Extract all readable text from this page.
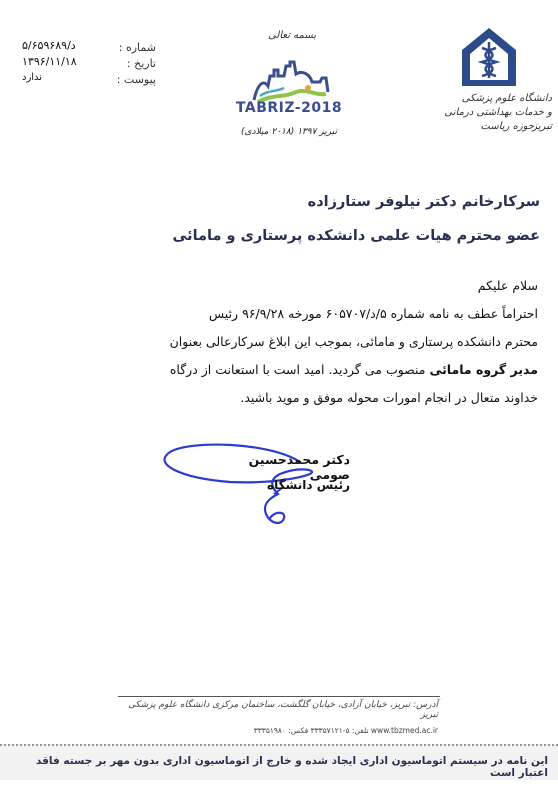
۵/د/۶۵۹۶۸۹
۱۳۹۶/۱۱/۱۸
ندارد
شماره :
تاریخ :
پیوست :
بسمه تعالی
TABRIZ-2018
تبریز ۱۳۹۷ (۲۰۱۸ میلادی)
دانشگاه علوم پزشکی
و خدمات بهداشتی درمانی تبریز
حوزه ریاست
سرکارخانم دکتر نیلوفر ستارزاده
عضو محترم هیات علمی دانشکده پرستاری و مامائی
سلام علیکم
احتراماً عطف به نامه شماره ۵/د/۶۰۵۷۰۷ مورخه ۹۶/۹/۲۸ رئیس
محترم دانشکده پرستاری و مامائی، بموجب این ابلاغ سرکارعالی بعنوان
مدیر گروه مامائی منصوب می گردید. امید است با استعانت از درگاه
خداوند متعال در انجام امورات محوله موفق و موید باشید.
دکتر محمدحسین صومی
رئیس دانشگاه
آدرس: تبریز، خیابان آزادی، خیابان گلگشت، ساختمان مرکزی دانشگاه علوم پزشکی تبریز
www.tbzmed.ac.ir تلفن: ۵-۳۳۳۵۷۱۲۱ فکس: ۳۳۳۵۱۹۸۰
این نامه در سیستم اتوماسیون اداری ایجاد شده و خارج از اتوماسیون اداری بدون مهر بر جسته فاقد اعتبار است
